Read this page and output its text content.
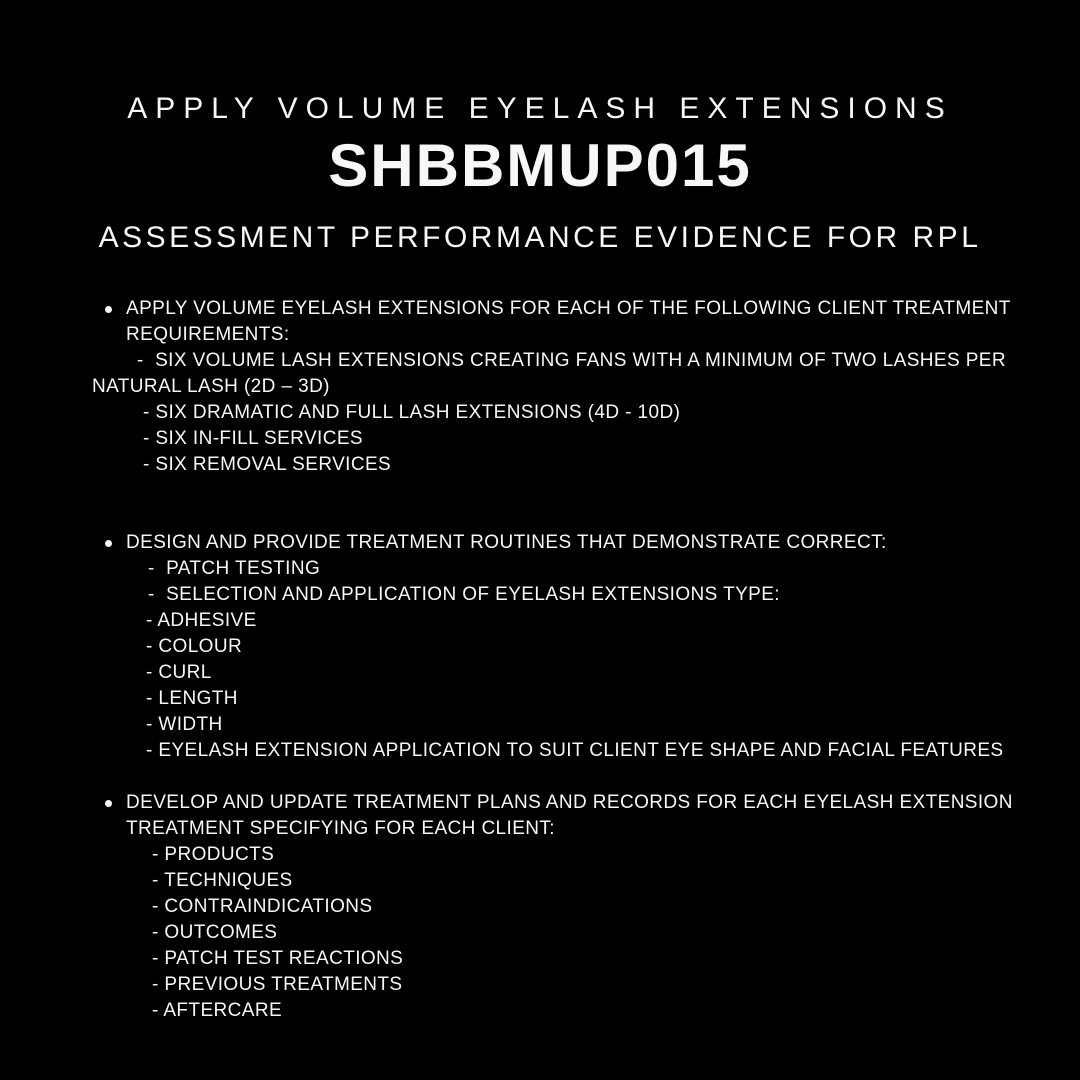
APPLY VOLUME EYELASH EXTENSIONS
SHBBMUP015
ASSESSMENT PERFORMANCE EVIDENCE FOR RPL
APPLY VOLUME EYELASH EXTENSIONS FOR EACH OF THE FOLLOWING CLIENT TREATMENT
REQUIREMENTS:
-  SIX VOLUME LASH EXTENSIONS CREATING FANS WITH A MINIMUM OF TWO LASHES PER
NATURAL LASH (2D – 3D)
- SIX DRAMATIC AND FULL LASH EXTENSIONS (4D - 10D)
- SIX IN-FILL SERVICES
- SIX REMOVAL SERVICES
DESIGN AND PROVIDE TREATMENT ROUTINES THAT DEMONSTRATE CORRECT:
-  PATCH TESTING
-  SELECTION AND APPLICATION OF EYELASH EXTENSIONS TYPE:
- ADHESIVE
- COLOUR
- CURL
- LENGTH
- WIDTH
- EYELASH EXTENSION APPLICATION TO SUIT CLIENT EYE SHAPE AND FACIAL FEATURES
DEVELOP AND UPDATE TREATMENT PLANS AND RECORDS FOR EACH EYELASH EXTENSION
TREATMENT SPECIFYING FOR EACH CLIENT:
- PRODUCTS
- TECHNIQUES
- CONTRAINDICATIONS
- OUTCOMES
- PATCH TEST REACTIONS
- PREVIOUS TREATMENTS
- AFTERCARE
